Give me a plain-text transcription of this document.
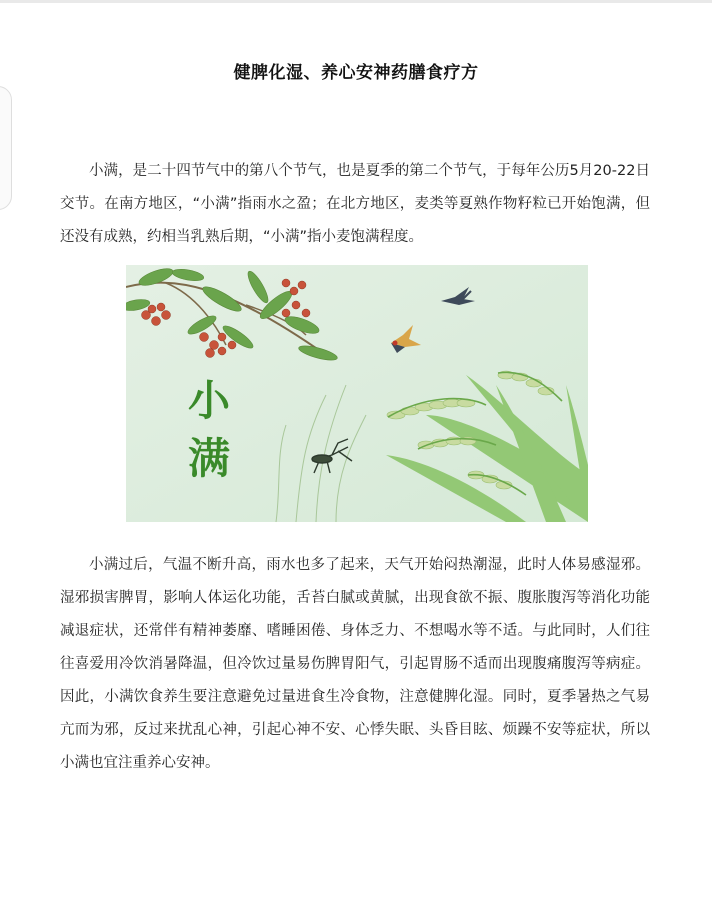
健脾化湿、养心安神药膳食疗方

小满，是二十四节气中的第八个节气，也是夏季的第二个节气，于每年公历5月20-22日交节。在南方地区，“小满”指雨水之盈；在北方地区，麦类等夏熟作物籽粒已开始饱满，但还没有成熟，约相当乳熟后期，“小满”指小麦饱满程度。

小
满

小满过后，气温不断升高，雨水也多了起来，天气开始闷热潮湿，此时人体易感湿邪。湿邪损害脾胃，影响人体运化功能，舌苔白腻或黄腻，出现食欲不振、腹胀腹泻等消化功能减退症状，还常伴有精神萎靡、嗜睡困倦、身体乏力、不想喝水等不适。与此同时，人们往往喜爱用冷饮消暑降温，但冷饮过量易伤脾胃阳气，引起胃肠不适而出现腹痛腹泻等病症。因此，小满饮食养生要注意避免过量进食生冷食物，注意健脾化湿。同时，夏季暑热之气易亢而为邪，反过来扰乱心神，引起心神不安、心悸失眠、头昏目眩、烦躁不安等症状，所以小满也宜注重养心安神。
